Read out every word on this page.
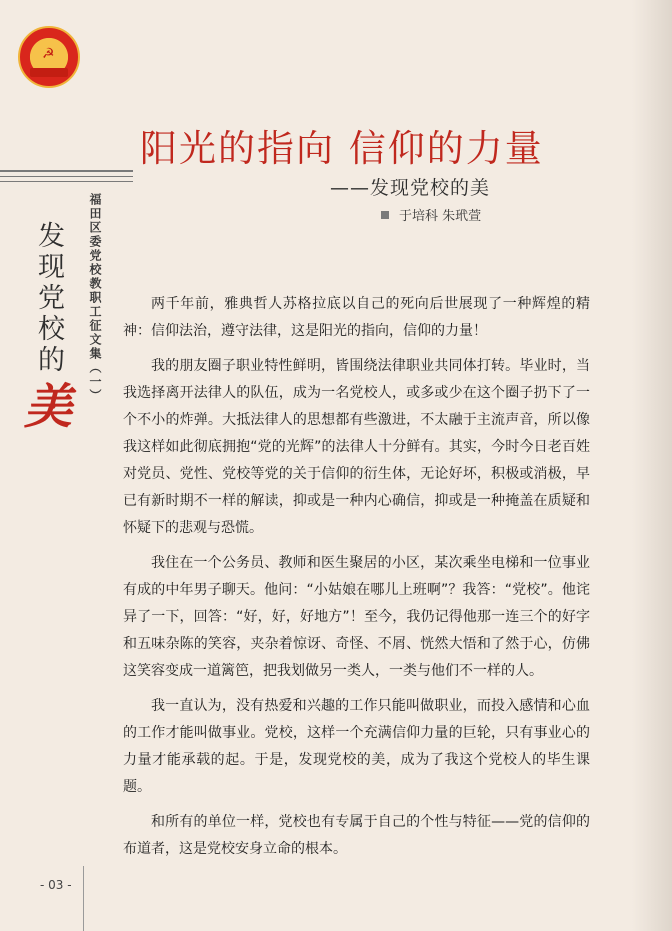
☭
福田区委党校教职工征文集（一）
发现党校的
美
阳光的指向 信仰的力量
——发现党校的美
于培科 朱玳萱

两千年前，雅典哲人苏格拉底以自己的死向后世展现了一种辉煌的精神：信仰法治，遵守法律，这是阳光的指向，信仰的力量！

我的朋友圈子职业特性鲜明，皆围绕法律职业共同体打转。毕业时，当我选择离开法律人的队伍，成为一名党校人，或多或少在这个圈子扔下了一个不小的炸弹。大抵法律人的思想都有些激进，不太融于主流声音，所以像我这样如此彻底拥抱“党的光辉”的法律人十分鲜有。其实，今时今日老百姓对党员、党性、党校等党的关于信仰的衍生体，无论好坏，积极或消极，早已有新时期不一样的解读，抑或是一种内心确信，抑或是一种掩盖在质疑和怀疑下的悲观与恐慌。

我住在一个公务员、教师和医生聚居的小区，某次乘坐电梯和一位事业有成的中年男子聊天。他问：“小姑娘在哪儿上班啊”？我答：“党校”。他诧异了一下，回答：“好，好，好地方”！至今，我仍记得他那一连三个的好字和五味杂陈的笑容，夹杂着惊讶、奇怪、不屑、恍然大悟和了然于心，仿佛这笑容变成一道篱笆，把我划做另一类人，一类与他们不一样的人。

我一直认为，没有热爱和兴趣的工作只能叫做职业，而投入感情和心血的工作才能叫做事业。党校，这样一个充满信仰力量的巨轮，只有事业心的力量才能承载的起。于是，发现党校的美，成为了我这个党校人的毕生课题。

和所有的单位一样，党校也有专属于自己的个性与特征——党的信仰的布道者，这是党校安身立命的根本。

- 03 -
